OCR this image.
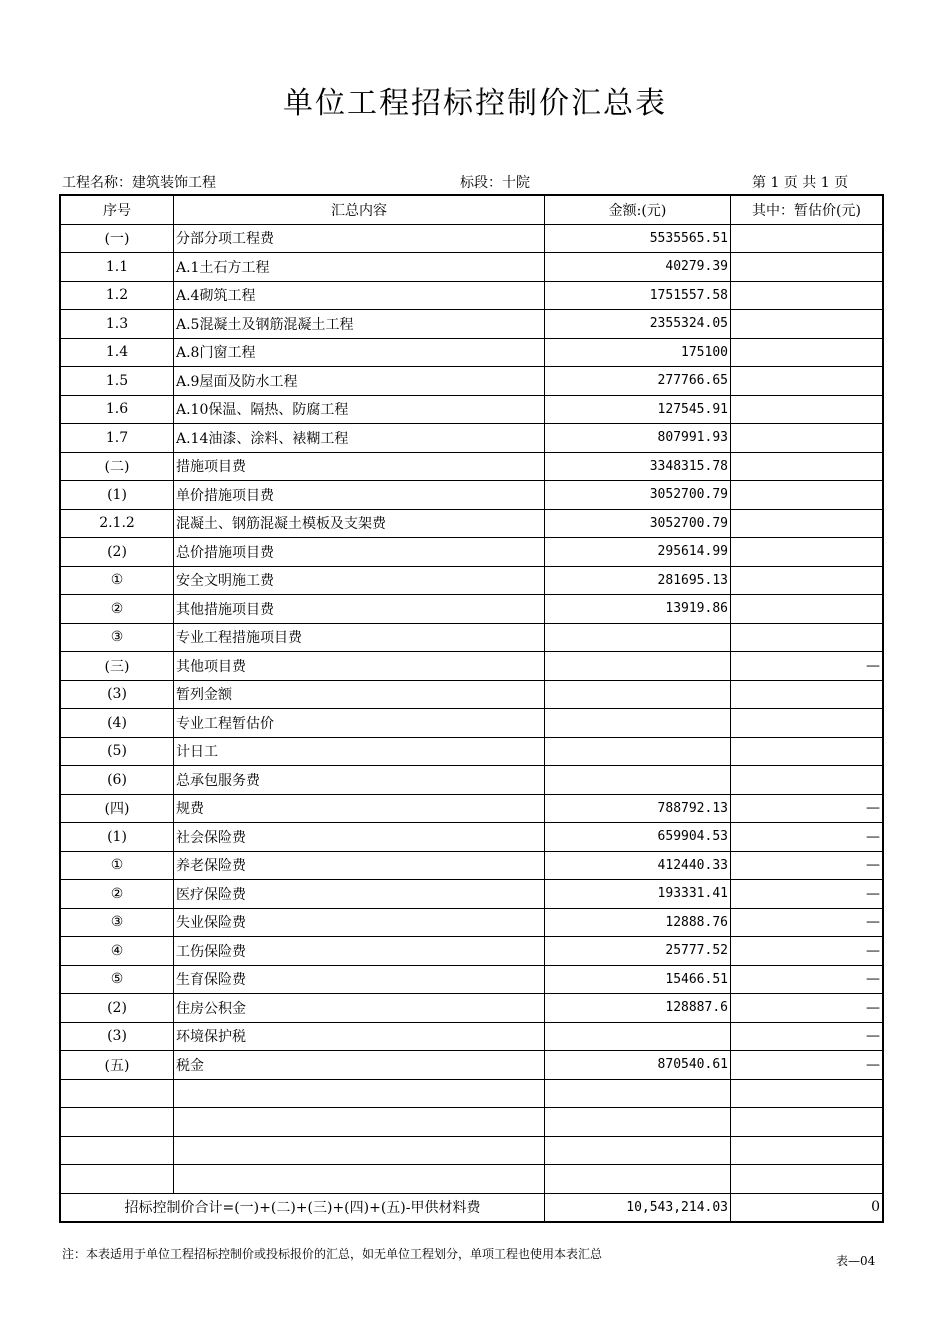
单位工程招标控制价汇总表
工程名称：建筑装饰工程	标段：十院	第 1 页 共 1 页
序号	汇总内容	金额:(元)	其中：暂估价(元)
(一)	分部分项工程费	5535565.51	
1.1	A.1土石方工程	40279.39	
1.2	A.4砌筑工程	1751557.58	
1.3	A.5混凝土及钢筋混凝土工程	2355324.05	
1.4	A.8门窗工程	175100	
1.5	A.9屋面及防水工程	277766.65	
1.6	A.10保温、隔热、防腐工程	127545.91	
1.7	A.14油漆、涂料、裱糊工程	807991.93	
(二)	措施项目费	3348315.78	
(1)	单价措施项目费	3052700.79	
2.1.2	混凝土、钢筋混凝土模板及支架费	3052700.79	
(2)	总价措施项目费	295614.99	
①	安全文明施工费	281695.13	
②	其他措施项目费	13919.86	
③	专业工程措施项目费		
(三)	其他项目费		—
(3)	暂列金额		
(4)	专业工程暂估价		
(5)	计日工		
(6)	总承包服务费		
(四)	规费	788792.13	—
(1)	社会保险费	659904.53	—
①	养老保险费	412440.33	—
②	医疗保险费	193331.41	—
③	失业保险费	12888.76	—
④	工伤保险费	25777.52	—
⑤	生育保险费	15466.51	—
(2)	住房公积金	128887.6	—
(3)	环境保护税		—
(五)	税金	870540.61	—

招标控制价合计=(一)+(二)+(三)+(四)+(五)-甲供材料费		10,543,214.03	0
注：本表适用于单位工程招标控制价或投标报价的汇总，如无单位工程划分，单项工程也使用本表汇总	表—04
